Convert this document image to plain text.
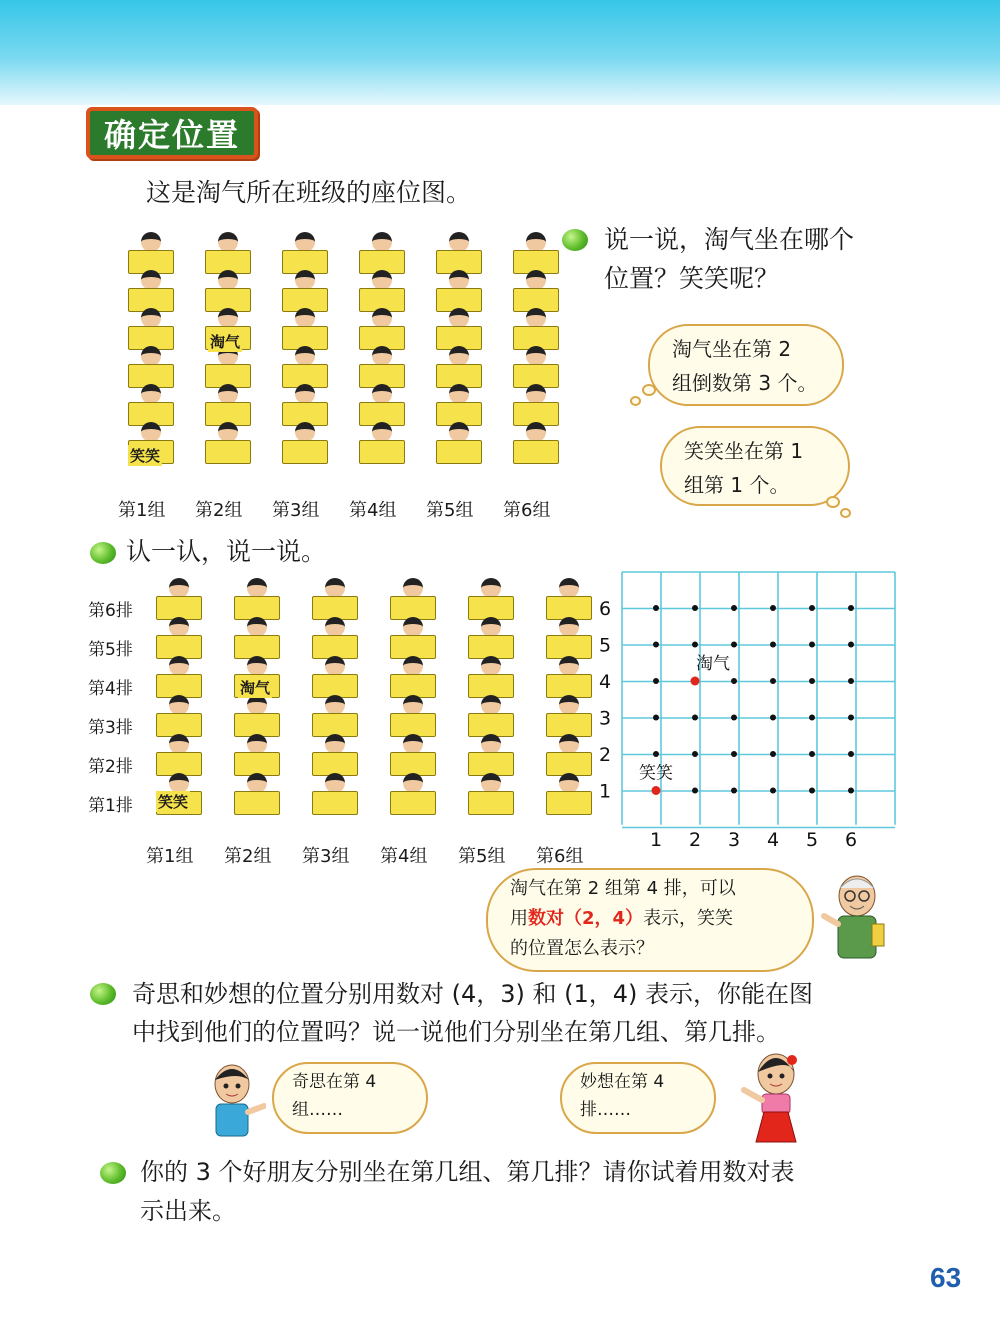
确定位置
这是淘气所在班级的座位图。
说一说，淘气坐在哪个
位置？笑笑呢？
淘气坐在第 2
组倒数第 3 个。
笑笑坐在第 1
组第 1 个。
第1组 第2组 第3组 第4组 第5组 第6组
淘气
笑笑
认一认，说一说。
第1组 第2组 第3组 第4组 第5组 第6组
第6排
第5排
第4排
第3排
第2排
第1排
淘气
笑笑
1 2 3 4 5 6
6
5
4
3
2
1
淘气
笑笑
淘气在第 2 组第 4 排，可以
用数对（2，4）表示，笑笑
的位置怎么表示？
奇思和妙想的位置分别用数对 (4，3) 和 (1，4) 表示，你能在图
中找到他们的位置吗？说一说他们分别坐在第几组、第几排。
奇思在第 4
组……
妙想在第 4
排……
你的 3 个好朋友分别坐在第几组、第几排？请你试着用数对表
示出来。
63
